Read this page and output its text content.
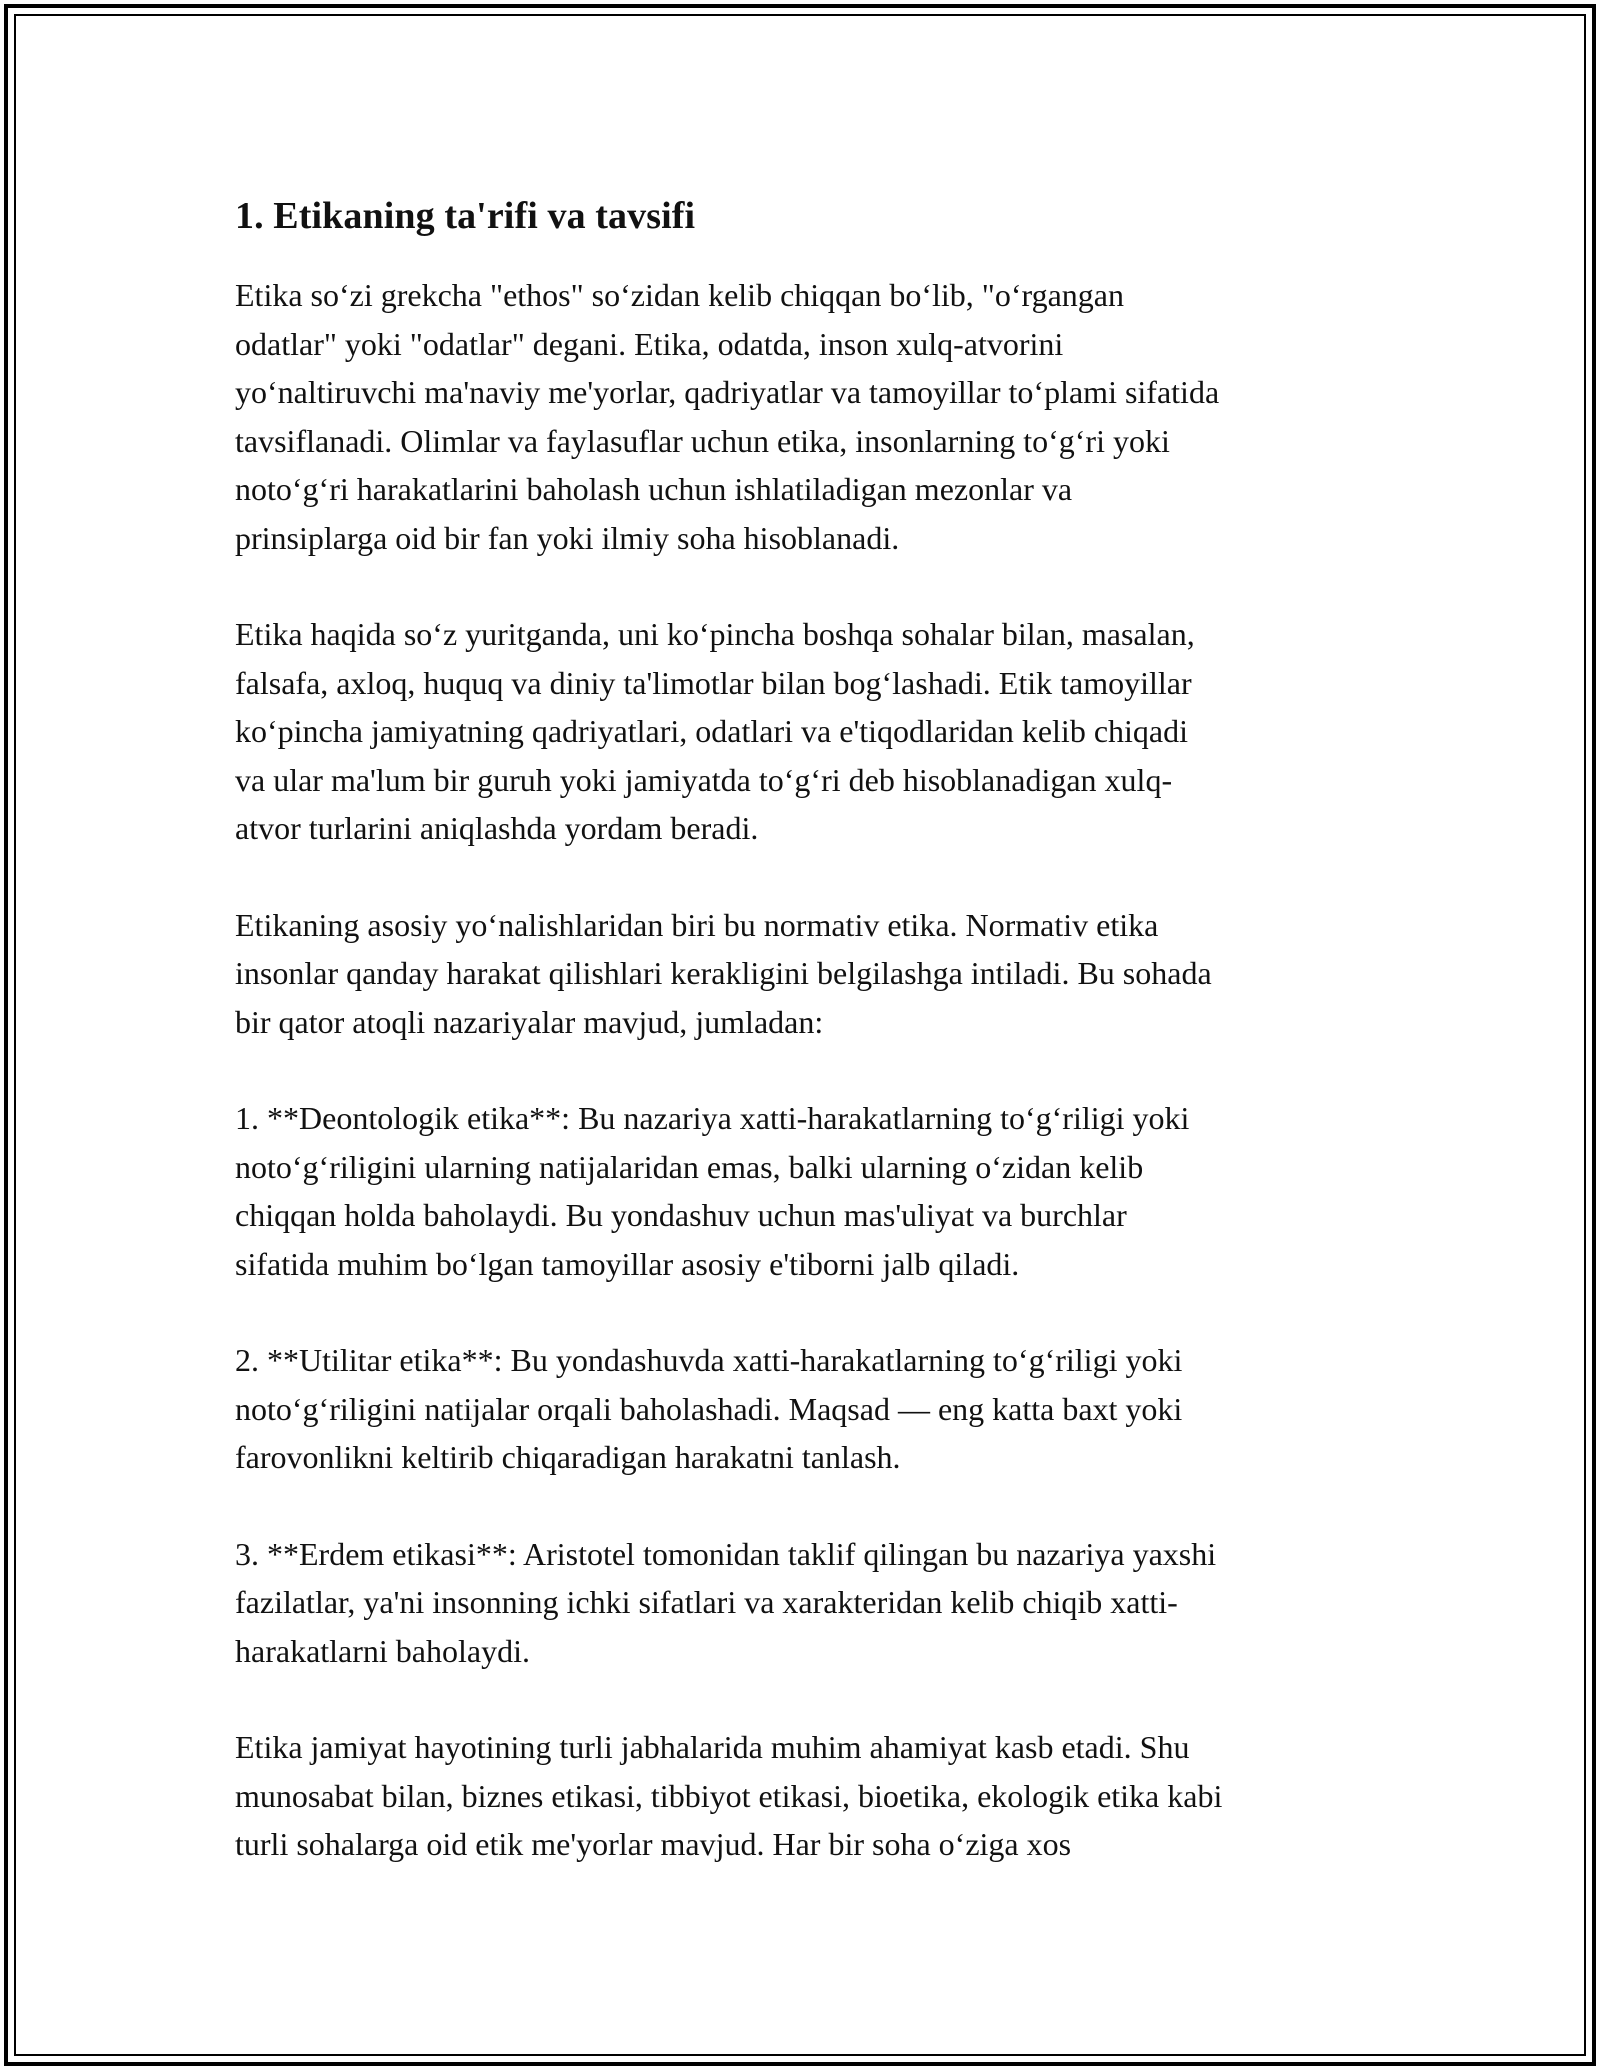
1. Etikaning ta'rifi va tavsifi

Etika so‘zi grekcha "ethos" so‘zidan kelib chiqqan bo‘lib, "o‘rgangan
odatlar" yoki "odatlar" degani. Etika, odatda, inson xulq-atvorini
yo‘naltiruvchi ma'naviy me'yorlar, qadriyatlar va tamoyillar to‘plami sifatida
tavsiflanadi. Olimlar va faylasuflar uchun etika, insonlarning to‘g‘ri yoki
noto‘g‘ri harakatlarini baholash uchun ishlatiladigan mezonlar va
prinsiplarga oid bir fan yoki ilmiy soha hisoblanadi.

Etika haqida so‘z yuritganda, uni ko‘pincha boshqa sohalar bilan, masalan,
falsafa, axloq, huquq va diniy ta'limotlar bilan bog‘lashadi. Etik tamoyillar
ko‘pincha jamiyatning qadriyatlari, odatlari va e'tiqodlaridan kelib chiqadi
va ular ma'lum bir guruh yoki jamiyatda to‘g‘ri deb hisoblanadigan xulq-
atvor turlarini aniqlashda yordam beradi.

Etikaning asosiy yo‘nalishlaridan biri bu normativ etika. Normativ etika
insonlar qanday harakat qilishlari kerakligini belgilashga intiladi. Bu sohada
bir qator atoqli nazariyalar mavjud, jumladan:

1. **Deontologik etika**: Bu nazariya xatti-harakatlarning to‘g‘riligi yoki
noto‘g‘riligini ularning natijalaridan emas, balki ularning o‘zidan kelib
chiqqan holda baholaydi. Bu yondashuv uchun mas'uliyat va burchlar
sifatida muhim bo‘lgan tamoyillar asosiy e'tiborni jalb qiladi.

2. **Utilitar etika**: Bu yondashuvda xatti-harakatlarning to‘g‘riligi yoki
noto‘g‘riligini natijalar orqali baholashadi. Maqsad — eng katta baxt yoki
farovonlikni keltirib chiqaradigan harakatni tanlash.

3. **Erdem etikasi**: Aristotel tomonidan taklif qilingan bu nazariya yaxshi
fazilatlar, ya'ni insonning ichki sifatlari va xarakteridan kelib chiqib xatti-
harakatlarni baholaydi.

Etika jamiyat hayotining turli jabhalarida muhim ahamiyat kasb etadi. Shu
munosabat bilan, biznes etikasi, tibbiyot etikasi, bioetika, ekologik etika kabi
turli sohalarga oid etik me'yorlar mavjud. Har bir soha o‘ziga xos
